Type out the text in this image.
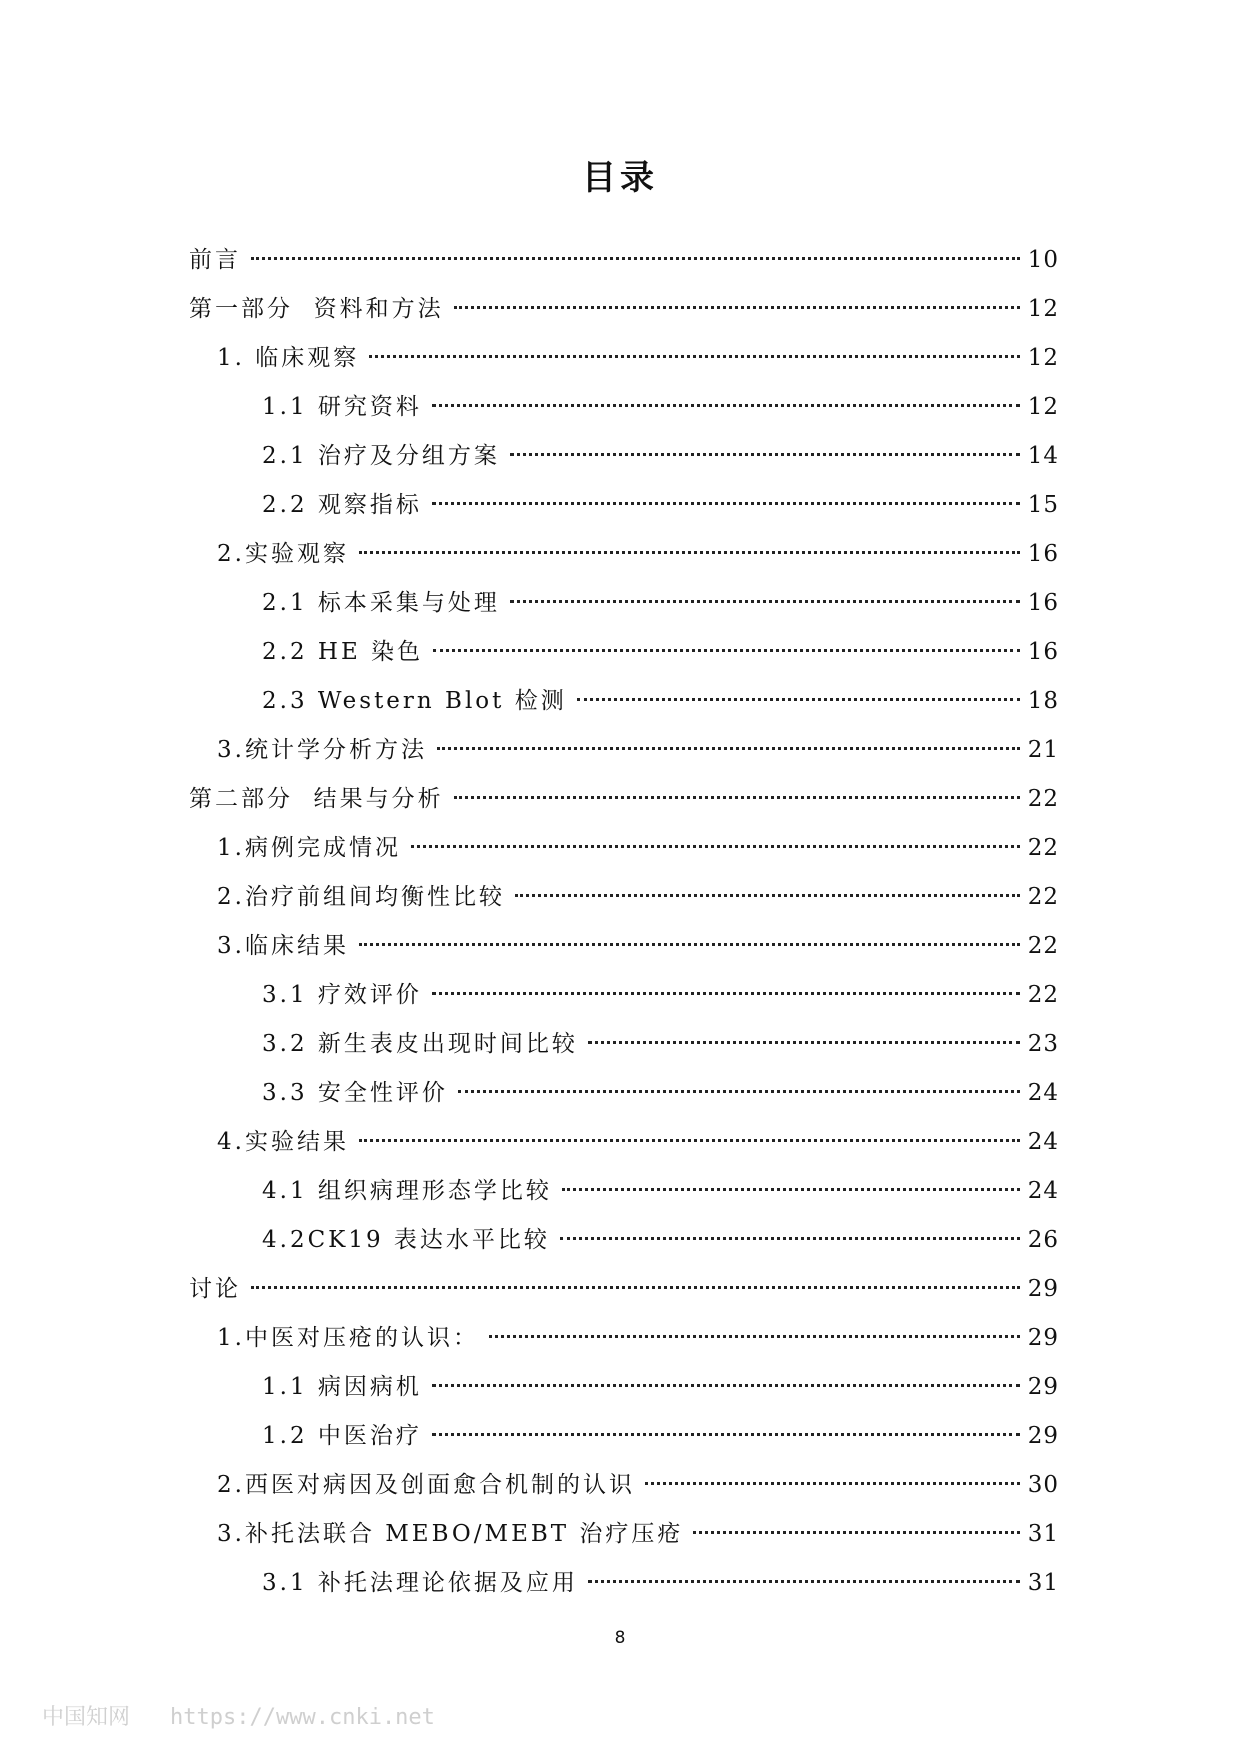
目录
前言	10
第一部分  资料和方法	12
1. 临床观察	12
1.1 研究资料	12
2.1 治疗及分组方案	14
2.2 观察指标	15
2.实验观察	16
2.1 标本采集与处理	16
2.2 HE 染色	16
2.3 Western Blot 检测	18
3.统计学分析方法	21
第二部分  结果与分析	22
1.病例完成情况	22
2.治疗前组间均衡性比较	22
3.临床结果	22
3.1 疗效评价	22
3.2 新生表皮出现时间比较	23
3.3 安全性评价	24
4.实验结果	24
4.1 组织病理形态学比较	24
4.2CK19 表达水平比较	26
讨论	29
1.中医对压疮的认识：	29
1.1 病因病机	29
1.2 中医治疗	29
2.西医对病因及创面愈合机制的认识	30
3.补托法联合 MEBO/MEBT 治疗压疮	31
3.1 补托法理论依据及应用	31
8
中国知网 https://www.cnki.net
